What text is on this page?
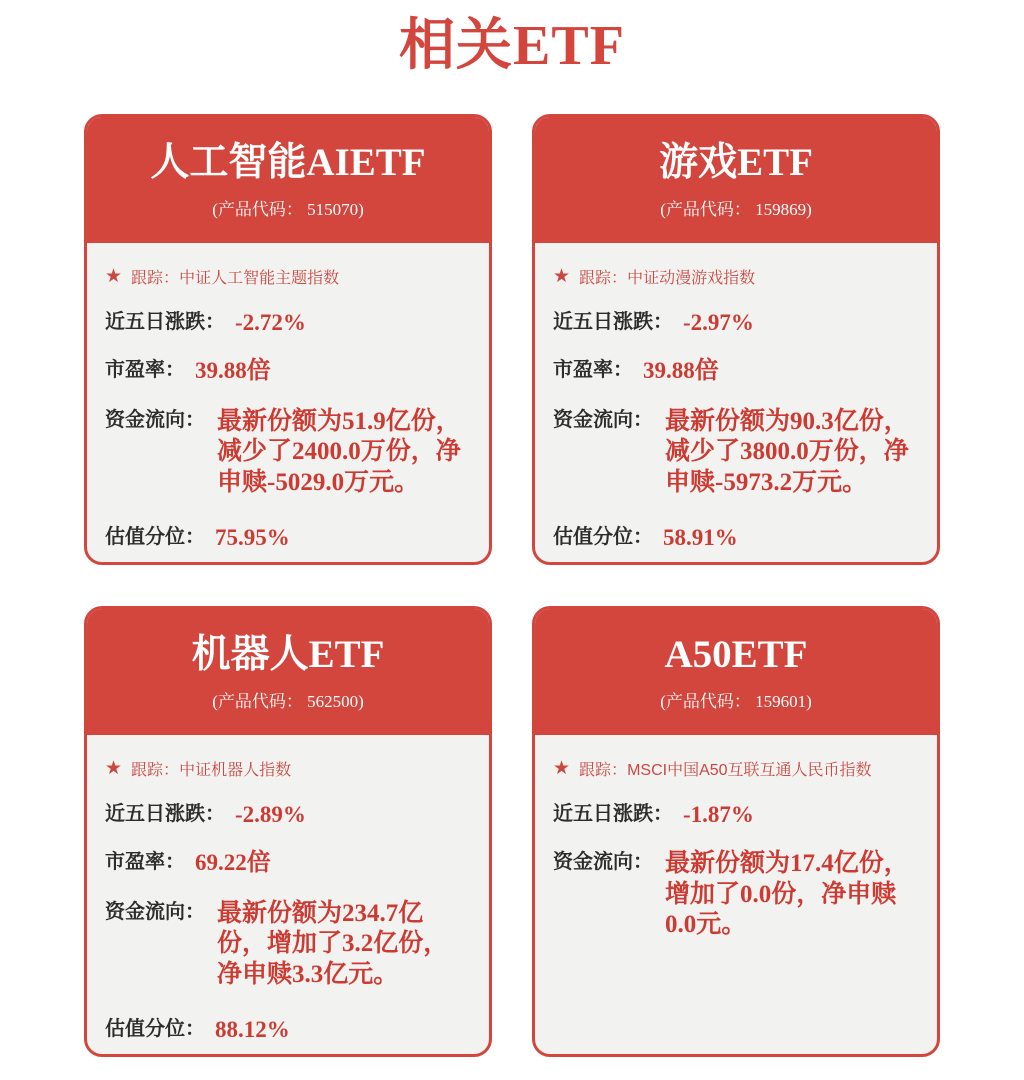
相关ETF
人工智能AIETF
(产品代码： 515070)
★ 跟踪： 中证人工智能主题指数
近五日涨跌： -2.72%
市盈率： 39.88倍
资金流向： 最新份额为51.9亿份，减少了2400.0万份，净申赎-5029.0万元。
估值分位： 75.95%
游戏ETF
(产品代码： 159869)
★ 跟踪： 中证动漫游戏指数
近五日涨跌： -2.97%
市盈率： 39.88倍
资金流向： 最新份额为90.3亿份，减少了3800.0万份，净申赎-5973.2万元。
估值分位： 58.91%
机器人ETF
(产品代码： 562500)
★ 跟踪： 中证机器人指数
近五日涨跌： -2.89%
市盈率： 69.22倍
资金流向： 最新份额为234.7亿份，增加了3.2亿份，净申赎3.3亿元。
估值分位： 88.12%
A50ETF
(产品代码： 159601)
★ 跟踪： MSCI中国A50互联互通人民币指数
近五日涨跌： -1.87%
资金流向： 最新份额为17.4亿份，增加了0.0份，净申赎0.0元。
